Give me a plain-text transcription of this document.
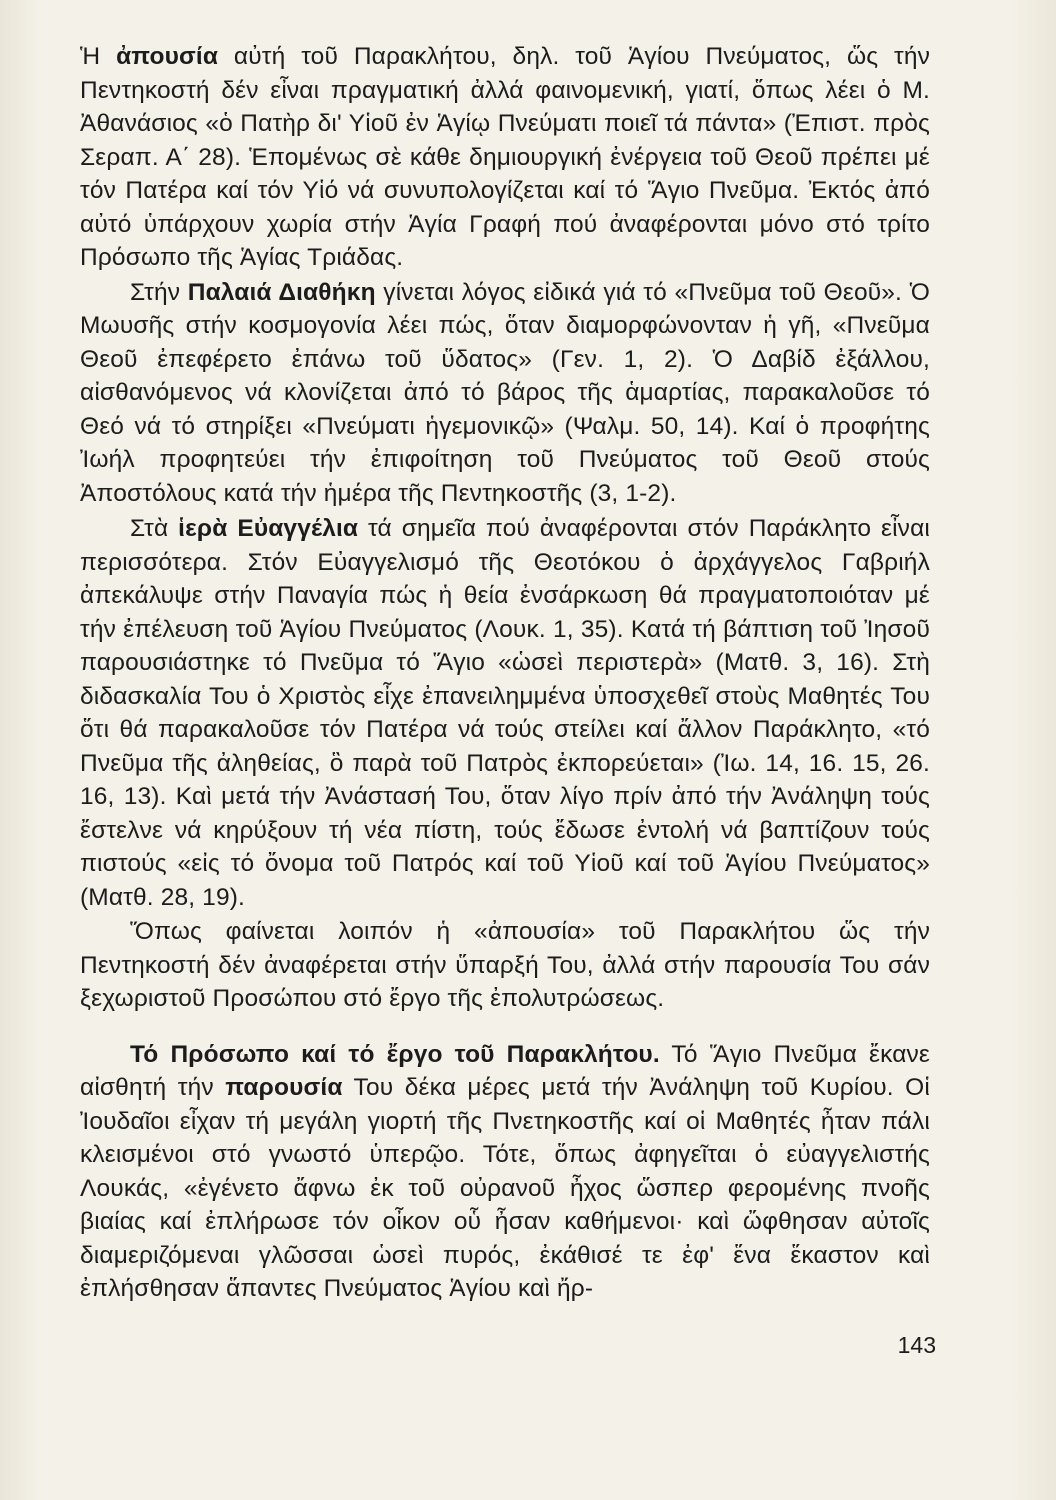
Ἡ ἀπουσία αὐτή τοῦ Παρακλήτου, δηλ. τοῦ Ἁγίου Πνεύματος, ὥς τήν Πεντηκοστή δέν εἶναι πραγματική ἀλλά φαινομενική, γιατί, ὅπως λέει ὁ Μ. Ἀθανάσιος «ὁ Πατὴρ δι' Υἱοῦ ἐν Ἁγίῳ Πνεύματι ποιεῖ τά πάντα» (Ἐπιστ. πρὸς Σεραπ. Α΄ 28). Ἑπομένως σὲ κάθε δημιουργική ἐνέργεια τοῦ Θεοῦ πρέπει μέ τόν Πατέρα καί τόν Υἱό νά συνυπολογίζεται καί τό Ἅγιο Πνεῦμα. Ἐκτός ἀπό αὐτό ὑπάρχουν χωρία στήν Ἁγία Γραφή πού ἀναφέρονται μόνο στό τρίτο Πρόσωπο τῆς Ἁγίας Τριάδας.

Στήν Παλαιά Διαθήκη γίνεται λόγος εἰδικά γιά τό «Πνεῦμα τοῦ Θεοῦ». Ὁ Μωυσῆς στήν κοσμογονία λέει πώς, ὅταν διαμορφώνονταν ἡ γῆ, «Πνεῦμα Θεοῦ ἐπεφέρετο ἐπάνω τοῦ ὕδατος» (Γεν. 1, 2). Ὁ Δαβίδ ἐξάλλου, αἰσθανόμενος νά κλονίζεται ἀπό τό βάρος τῆς ἁμαρτίας, παρακαλοῦσε τό Θεό νά τό στηρίξει «Πνεύματι ἡγεμονικῷ» (Ψαλμ. 50, 14). Καί ὁ προφήτης Ἰωήλ προφητεύει τήν ἐπιφοίτηση τοῦ Πνεύματος τοῦ Θεοῦ στούς Ἀποστόλους κατά τήν ἡμέρα τῆς Πεντηκοστῆς (3, 1-2).

Στὰ ἱερὰ Εὐαγγέλια τά σημεῖα πού ἀναφέρονται στόν Παράκλητο εἶναι περισσότερα. Στόν Εὐαγγελισμό τῆς Θεοτόκου ὁ ἀρχάγγελος Γαβριήλ ἀπεκάλυψε στήν Παναγία πώς ἡ θεία ἐνσάρκωση θά πραγματοποιόταν μέ τήν ἐπέλευση τοῦ Ἁγίου Πνεύματος (Λουκ. 1, 35). Κατά τή βάπτιση τοῦ Ἰησοῦ παρουσιάστηκε τό Πνεῦμα τό Ἅγιο «ὡσεὶ περιστερὰ» (Ματθ. 3, 16). Στὴ διδασκαλία Του ὁ Χριστὸς εἶχε ἐπανειλημμένα ὑποσχεθεῖ στοὺς Μαθητές Του ὅτι θά παρακαλοῦσε τόν Πατέρα νά τούς στείλει καί ἄλλον Παράκλητο, «τό Πνεῦμα τῆς ἀληθείας, ὃ παρὰ τοῦ Πατρὸς ἐκπορεύεται» (Ἰω. 14, 16. 15, 26. 16, 13). Καὶ μετά τήν Ἀνάστασή Του, ὅταν λίγο πρίν ἀπό τήν Ἀνάληψη τούς ἔστελνε νά κηρύξουν τή νέα πίστη, τούς ἔδωσε ἐντολή νά βαπτίζουν τούς πιστούς «εἰς τό ὄνομα τοῦ Πατρός καί τοῦ Υἱοῦ καί τοῦ Ἁγίου Πνεύματος» (Ματθ. 28, 19).

Ὅπως φαίνεται λοιπόν ἡ «ἀπουσία» τοῦ Παρακλήτου ὥς τήν Πεντηκοστή δέν ἀναφέρεται στήν ὕπαρξή Του, ἀλλά στήν παρουσία Του σάν ξεχωριστοῦ Προσώπου στό ἔργο τῆς ἐπολυτρώσεως.

Τό Πρόσωπο καί τό ἔργο τοῦ Παρακλήτου. Τό Ἅγιο Πνεῦμα ἔκανε αἰσθητή τήν παρουσία Του δέκα μέρες μετά τήν Ἀνάληψη τοῦ Κυρίου. Οἱ Ἰουδαῖοι εἶχαν τή μεγάλη γιορτή τῆς Πνετηκοστῆς καί οἱ Μαθητές ἦταν πάλι κλεισμένοι στό γνωστό ὑπερῷο. Τότε, ὅπως ἀφηγεῖται ὁ εὐαγγελιστής Λουκάς, «ἐγένετο ἄφνω ἐκ τοῦ οὐρανοῦ ἦχος ὥσπερ φερομένης πνοῆς βιαίας καί ἐπλήρωσε τόν οἶκον οὗ ἦσαν καθήμενοι· καὶ ὤφθησαν αὐτοῖς διαμεριζόμεναι γλῶσσαι ὡσεὶ πυρός, ἐκάθισέ τε ἐφ' ἕνα ἕκαστον καὶ ἐπλήσθησαν ἅπαντες Πνεύματος Ἁγίου καὶ ἤρ-

143
